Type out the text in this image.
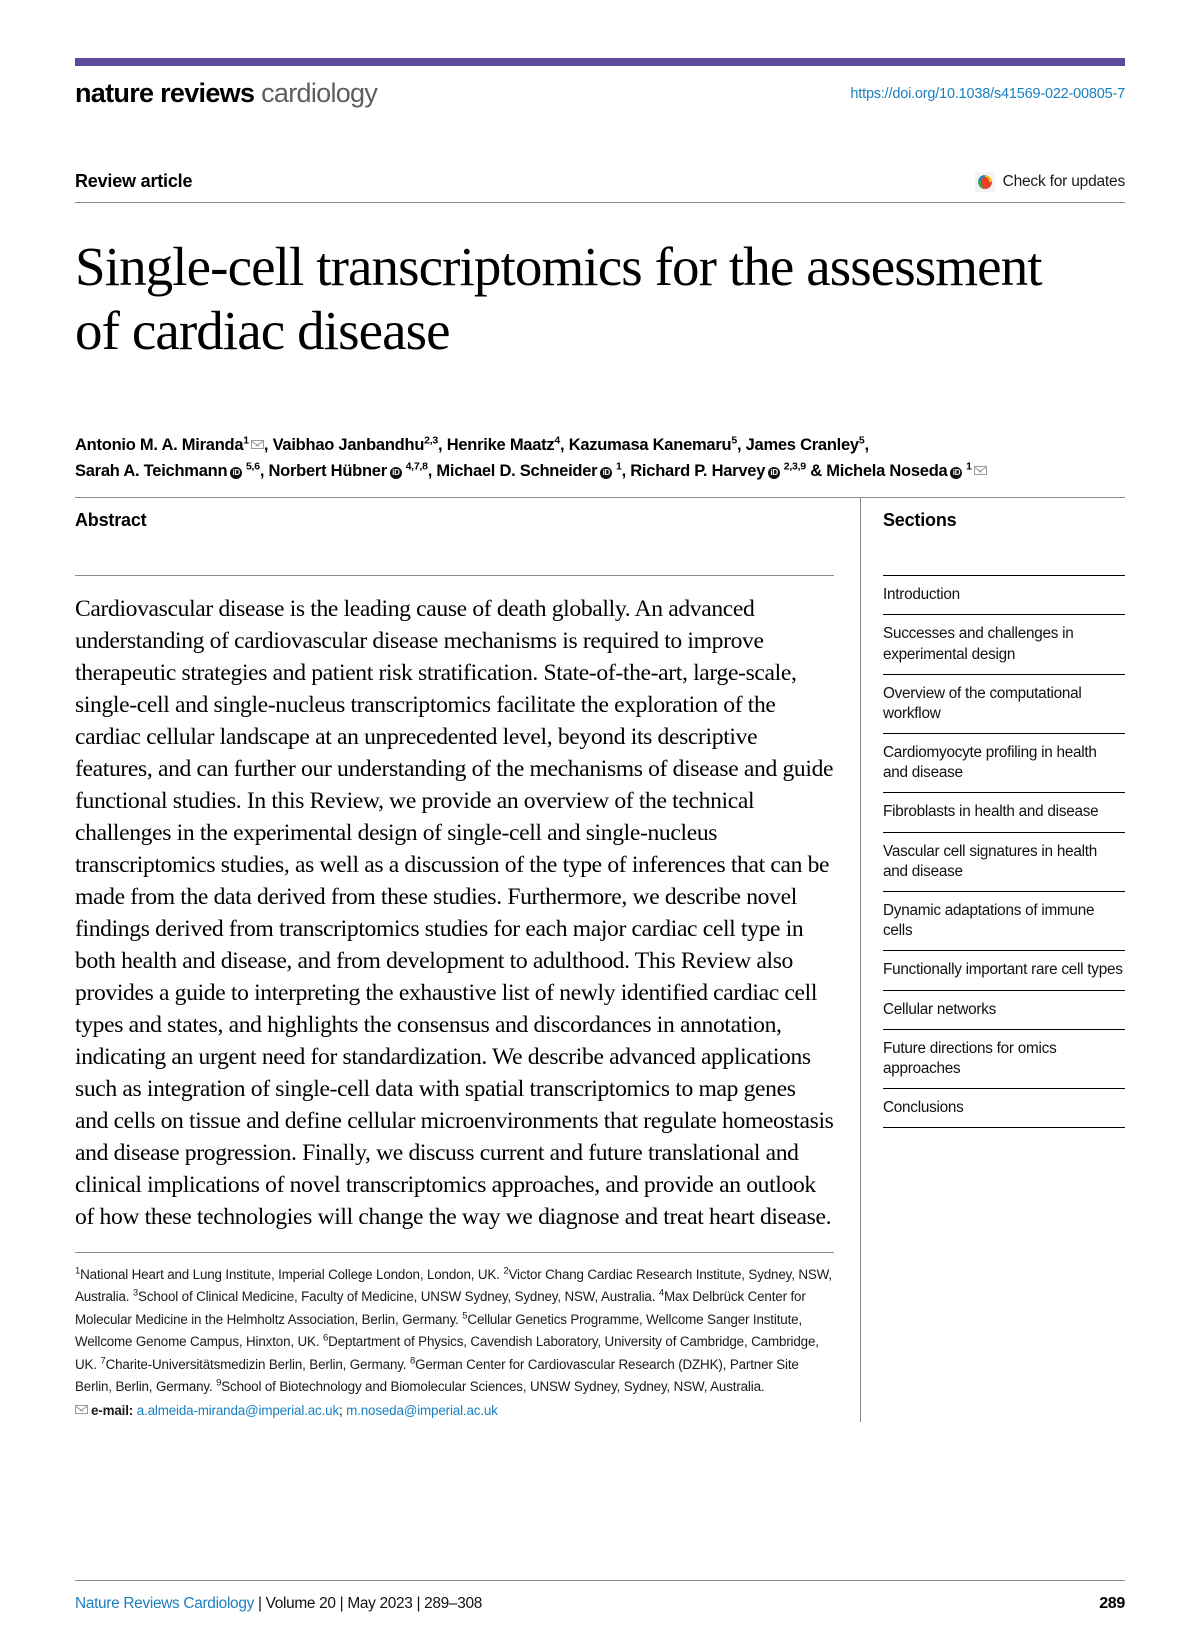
nature reviews cardiology	https://doi.org/10.1038/s41569-022-00805-7
Review article	Check for updates
Single-cell transcriptomics for the assessment of cardiac disease
Antonio M. A. Miranda$^1$ , Vaibhao Janbandhu$^{2,3}$, Henrike Maatz$^4$, Kazumasa Kanemaru$^5$, James Cranley$^5$,
Sarah A. Teichmann iD $^{5,6}$, Norbert Hübner iD $^{4,7,8}$, Michael D. Schneider iD $^1$, Richard P. Harvey iD $^{2,3,9}$ & Michela Noseda iD $^1$
Abstract
Cardiovascular disease is the leading cause of death globally. An advanced understanding of cardiovascular disease mechanisms is required to improve therapeutic strategies and patient risk stratification. State-of-the-art, large-scale, single-cell and single-nucleus transcriptomics facilitate the exploration of the cardiac cellular landscape at an unprecedented level, beyond its descriptive features, and can further our understanding of the mechanisms of disease and guide functional studies. In this Review, we provide an overview of the technical challenges in the experimental design of single-cell and single-nucleus transcriptomics studies, as well as a discussion of the type of inferences that can be made from the data derived from these studies. Furthermore, we describe novel findings derived from transcriptomics studies for each major cardiac cell type in both health and disease, and from development to adulthood. This Review also provides a guide to interpreting the exhaustive list of newly identified cardiac cell types and states, and highlights the consensus and discordances in annotation, indicating an urgent need for standardization. We describe advanced applications such as integration of single-cell data with spatial transcriptomics to map genes and cells on tissue and define cellular microenvironments that regulate homeostasis and disease progression. Finally, we discuss current and future translational and clinical implications of novel transcriptomics approaches, and provide an outlook of how these technologies will change the way we diagnose and treat heart disease.
$^1$National Heart and Lung Institute, Imperial College London, London, UK. $^2$Victor Chang Cardiac Research Institute, Sydney, NSW, Australia. $^3$School of Clinical Medicine, Faculty of Medicine, UNSW Sydney, Sydney, NSW, Australia. $^4$Max Delbrück Center for Molecular Medicine in the Helmholtz Association, Berlin, Germany. $^5$Cellular Genetics Programme, Wellcome Sanger Institute, Wellcome Genome Campus, Hinxton, UK. $^6$Deptartment of Physics, Cavendish Laboratory, University of Cambridge, Cambridge, UK. $^7$Charite-Universitätsmedizin Berlin, Berlin, Germany. $^8$German Center for Cardiovascular Research (DZHK), Partner Site Berlin, Berlin, Germany. $^9$School of Biotechnology and Biomolecular Sciences, UNSW Sydney, Sydney, NSW, Australia.
e-mail: a.almeida-miranda@imperial.ac.uk; m.noseda@imperial.ac.uk
Sections
Introduction
Successes and challenges in experimental design
Overview of the computational workflow
Cardiomyocyte profiling in health and disease
Fibroblasts in health and disease
Vascular cell signatures in health and disease
Dynamic adaptations of immune cells
Functionally important rare cell types
Cellular networks
Future directions for omics approaches
Conclusions
Nature Reviews Cardiology | Volume 20 | May 2023 | 289–308	289
